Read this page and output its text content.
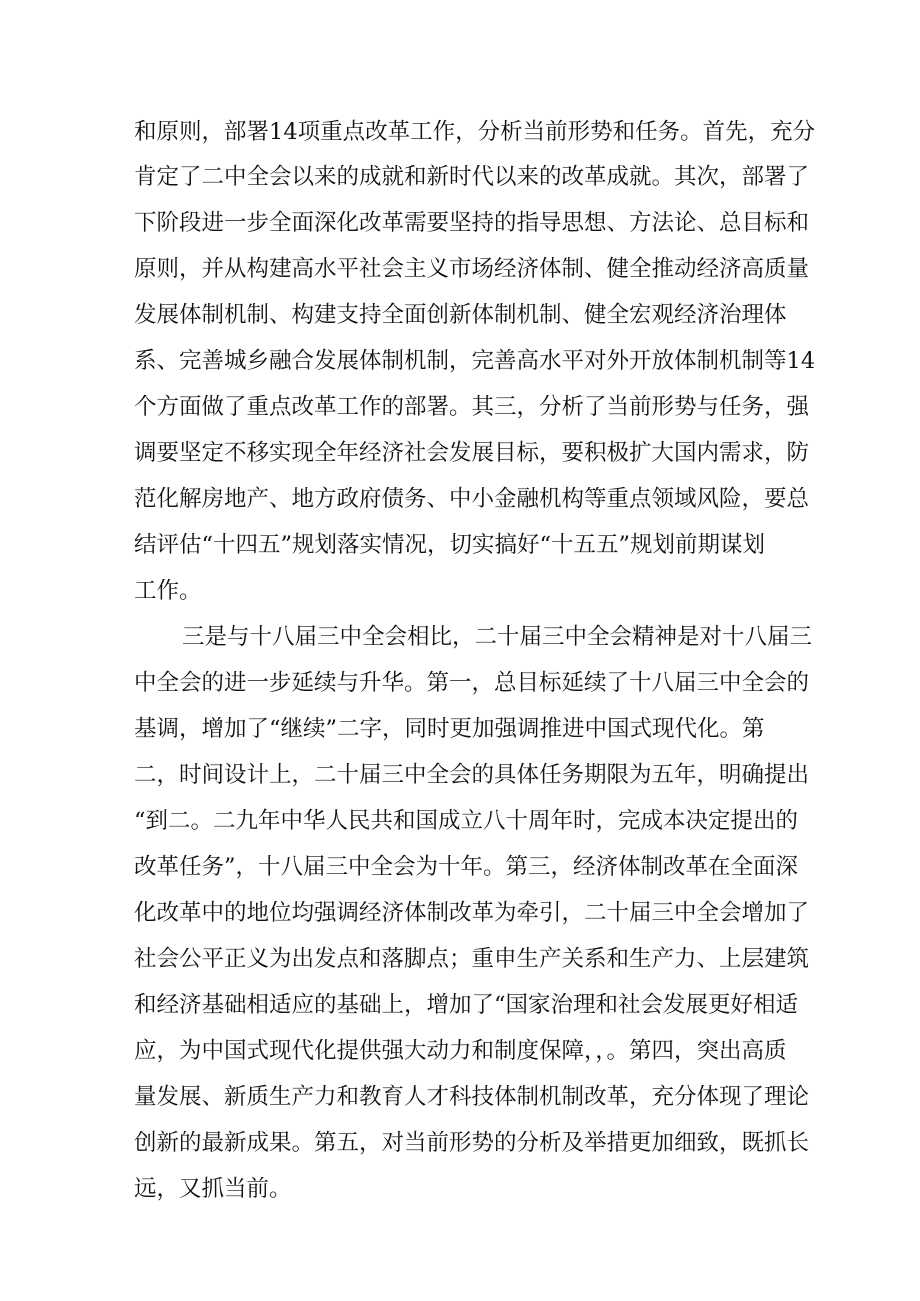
和原则，部署14项重点改革工作，分析当前形势和任务。首先，充分
肯定了二中全会以来的成就和新时代以来的改革成就。其次，部署了
下阶段进一步全面深化改革需要坚持的指导思想、方法论、总目标和
原则，并从构建高水平社会主义市场经济体制、健全推动经济高质量
发展体制机制、构建支持全面创新体制机制、健全宏观经济治理体
系、完善城乡融合发展体制机制，完善高水平对外开放体制机制等14
个方面做了重点改革工作的部署。其三，分析了当前形势与任务，强
调要坚定不移实现全年经济社会发展目标，要积极扩大国内需求，防
范化解房地产、地方政府债务、中小金融机构等重点领域风险，要总
结评估“十四五”规划落实情况，切实搞好“十五五”规划前期谋划
工作。
三是与十八届三中全会相比，二十届三中全会精神是对十八届三
中全会的进一步延续与升华。第一，总目标延续了十八届三中全会的
基调，增加了“继续”二字，同时更加强调推进中国式现代化。第
二，时间设计上，二十届三中全会的具体任务期限为五年，明确提出
“到二。二九年中华人民共和国成立八十周年时，完成本决定提出的
改革任务”，十八届三中全会为十年。第三，经济体制改革在全面深
化改革中的地位均强调经济体制改革为牵引，二十届三中全会增加了
社会公平正义为出发点和落脚点；重申生产关系和生产力、上层建筑
和经济基础相适应的基础上，增加了“国家治理和社会发展更好相适
应，为中国式现代化提供强大动力和制度保障，，。第四，突出高质
量发展、新质生产力和教育人才科技体制机制改革，充分体现了理论
创新的最新成果。第五，对当前形势的分析及举措更加细致，既抓长
远，又抓当前。
